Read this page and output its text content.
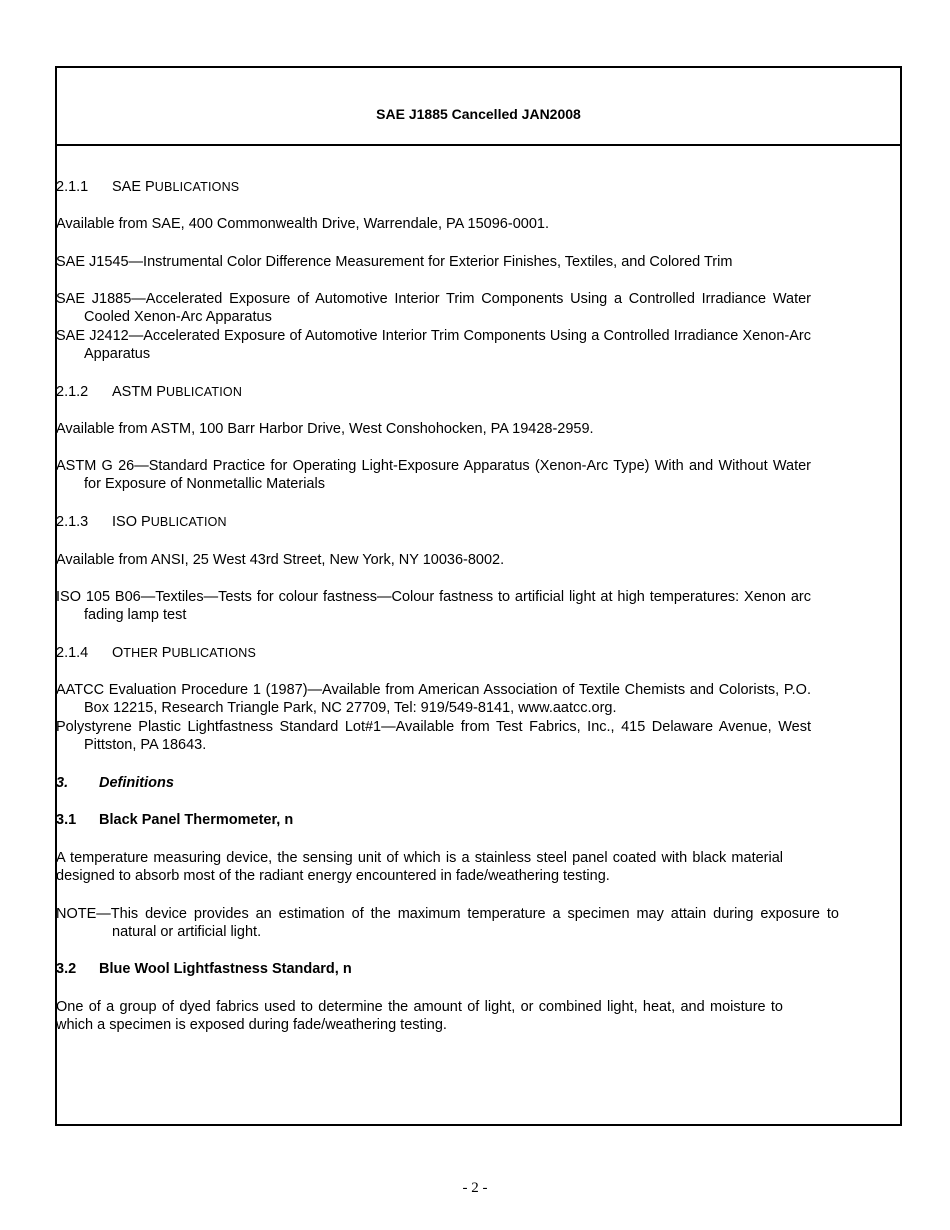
SAE J1885 Cancelled JAN2008
2.1.1 SAE PUBLICATIONS
Available from SAE, 400 Commonwealth Drive, Warrendale, PA 15096-0001.
SAE J1545—Instrumental Color Difference Measurement for Exterior Finishes, Textiles, and Colored Trim
SAE J1885—Accelerated Exposure of Automotive Interior Trim Components Using a Controlled Irradiance Water Cooled Xenon-Arc Apparatus
SAE J2412—Accelerated Exposure of Automotive Interior Trim Components Using a Controlled Irradiance Xenon-Arc Apparatus
2.1.2 ASTM PUBLICATION
Available from ASTM, 100 Barr Harbor Drive, West Conshohocken, PA 19428-2959.
ASTM G 26—Standard Practice for Operating Light-Exposure Apparatus (Xenon-Arc Type) With and Without Water for Exposure of Nonmetallic Materials
2.1.3 ISO PUBLICATION
Available from ANSI, 25 West 43rd Street, New York, NY 10036-8002.
ISO 105 B06—Textiles—Tests for colour fastness—Colour fastness to artificial light at high temperatures: Xenon arc fading lamp test
2.1.4 OTHER PUBLICATIONS
AATCC Evaluation Procedure 1 (1987)—Available from American Association of Textile Chemists and Colorists, P.O. Box 12215, Research Triangle Park, NC 27709, Tel: 919/549-8141, www.aatcc.org.
Polystyrene Plastic Lightfastness Standard Lot#1—Available from Test Fabrics, Inc., 415 Delaware Avenue, West Pittston, PA 18643.
3. Definitions
3.1 Black Panel Thermometer, n
A temperature measuring device, the sensing unit of which is a stainless steel panel coated with black material designed to absorb most of the radiant energy encountered in fade/weathering testing.
NOTE—This device provides an estimation of the maximum temperature a specimen may attain during exposure to natural or artificial light.
3.2 Blue Wool Lightfastness Standard, n
One of a group of dyed fabrics used to determine the amount of light, or combined light, heat, and moisture to which a specimen is exposed during fade/weathering testing.
- 2 -
